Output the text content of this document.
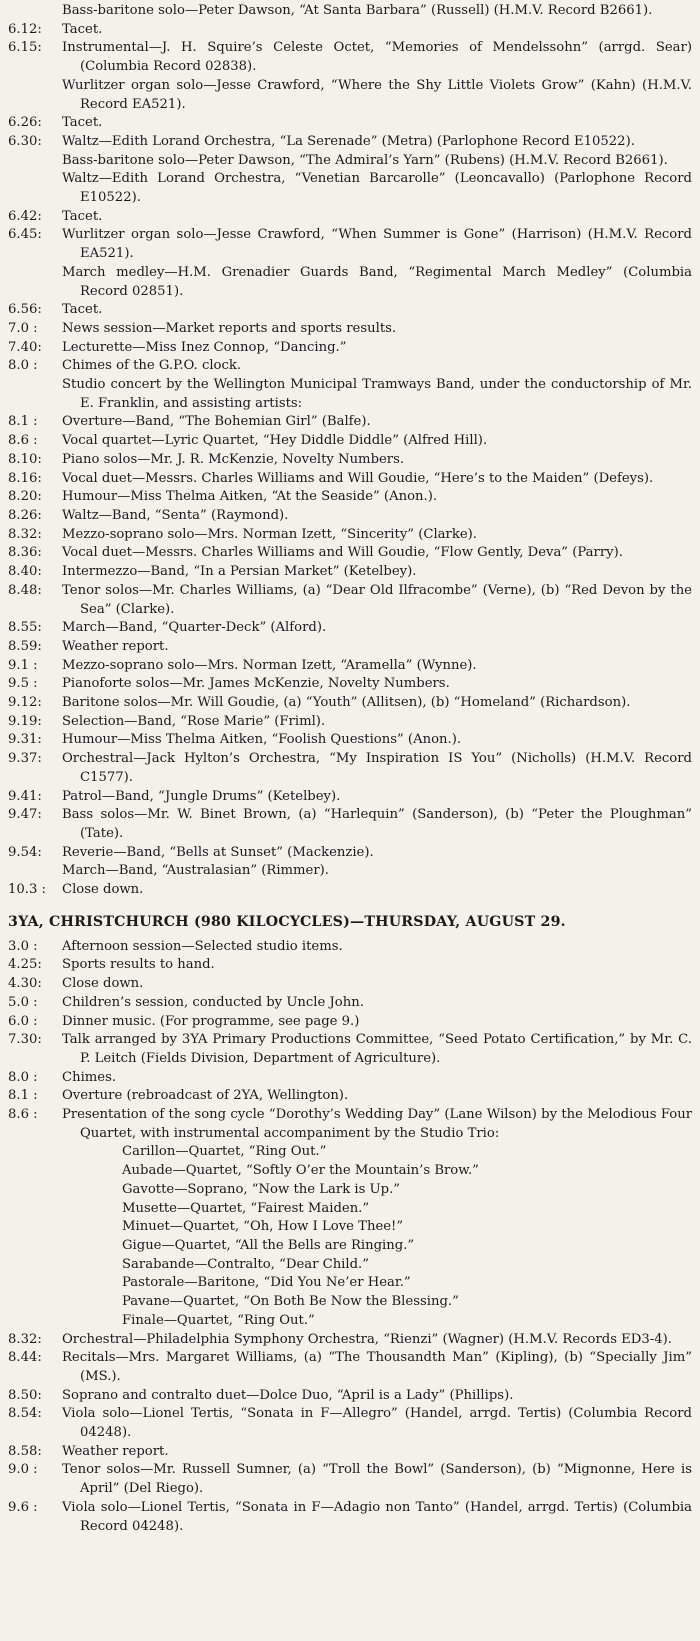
Bass-baritone solo—Peter Dawson, “At Santa Barbara” (Russell) (H.M.V. Record B2661).
6.12:	Tacet.
6.15:	Instrumental—J. H. Squire’s Celeste Octet, “Memories of Mendelssohn” (arrgd. Sear) (Columbia Record 02838).
Wurlitzer organ solo—Jesse Crawford, “Where the Shy Little Violets Grow” (Kahn) (H.M.V. Record EA521).
6.26:	Tacet.
6.30:	Waltz—Edith Lorand Orchestra, “La Serenade” (Metra) (Parlophone Record E10522).
Bass-baritone solo—Peter Dawson, “The Admiral’s Yarn” (Rubens) (H.M.V. Record B2661).
Waltz—Edith Lorand Orchestra, “Venetian Barcarolle” (Leoncavallo) (Parlophone Record E10522).
6.42:	Tacet.
6.45:	Wurlitzer organ solo—Jesse Crawford, “When Summer is Gone” (Harrison) (H.M.V. Record EA521).
March medley—H.M. Grenadier Guards Band, “Regimental March Medley” (Columbia Record 02851).
6.56:	Tacet.
7.0 :	News session—Market reports and sports results.
7.40:	Lecturette—Miss Inez Connop, “Dancing.”
8.0 :	Chimes of the G.P.O. clock.
Studio concert by the Wellington Municipal Tramways Band, under the conductorship of Mr. E. Franklin, and assisting artists:
8.1 :	Overture—Band, “The Bohemian Girl” (Balfe).
8.6 :	Vocal quartet—Lyric Quartet, “Hey Diddle Diddle” (Alfred Hill).
8.10:	Piano solos—Mr. J. R. McKenzie, Novelty Numbers.
8.16:	Vocal duet—Messrs. Charles Williams and Will Goudie, “Here’s to the Maiden” (Defeys).
8.20:	Humour—Miss Thelma Aitken, “At the Seaside” (Anon.).
8.26:	Waltz—Band, “Senta” (Raymond).
8.32:	Mezzo-soprano solo—Mrs. Norman Izett, “Sincerity” (Clarke).
8.36:	Vocal duet—Messrs. Charles Williams and Will Goudie, “Flow Gently, Deva” (Parry).
8.40:	Intermezzo—Band, “In a Persian Market” (Ketelbey).
8.48:	Tenor solos—Mr. Charles Williams, (a) “Dear Old Ilfracombe” (Verne), (b) “Red Devon by the Sea” (Clarke).
8.55:	March—Band, “Quarter-Deck” (Alford).
8.59:	Weather report.
9.1 :	Mezzo-soprano solo—Mrs. Norman Izett, “Aramella” (Wynne).
9.5 :	Pianoforte solos—Mr. James McKenzie, Novelty Numbers.
9.12:	Baritone solos—Mr. Will Goudie, (a) “Youth” (Allitsen), (b) “Homeland” (Richardson).
9.19:	Selection—Band, “Rose Marie” (Friml).
9.31:	Humour—Miss Thelma Aitken, “Foolish Questions” (Anon.).
9.37:	Orchestral—Jack Hylton’s Orchestra, “My Inspiration IS You” (Nicholls) (H.M.V. Record C1577).
9.41:	Patrol—Band, “Jungle Drums” (Ketelbey).
9.47:	Bass solos—Mr. W. Binet Brown, (a) “Harlequin” (Sanderson), (b) “Peter the Ploughman” (Tate).
9.54:	Reverie—Band, “Bells at Sunset” (Mackenzie).
March—Band, “Australasian” (Rimmer).
10.3 :	Close down.
3YA, CHRISTCHURCH (980 KILOCYCLES)—THURSDAY, AUGUST 29.
3.0 :	Afternoon session—Selected studio items.
4.25:	Sports results to hand.
4.30:	Close down.
5.0 :	Children’s session, conducted by Uncle John.
6.0 :	Dinner music. (For programme, see page 9.)
7.30:	Talk arranged by 3YA Primary Productions Committee, “Seed Potato Certification,” by Mr. C. P. Leitch (Fields Division, Department of Agriculture).
8.0 :	Chimes.
8.1 :	Overture (rebroadcast of 2YA, Wellington).
8.6 :	Presentation of the song cycle “Dorothy’s Wedding Day” (Lane Wilson) by the Melodious Four Quartet, with instrumental accompaniment by the Studio Trio:
Carillon—Quartet, “Ring Out.”
Aubade—Quartet, “Softly O’er the Mountain’s Brow.”
Gavotte—Soprano, “Now the Lark is Up.”
Musette—Quartet, “Fairest Maiden.”
Minuet—Quartet, “Oh, How I Love Thee!”
Gigue—Quartet, “All the Bells are Ringing.”
Sarabande—Contralto, “Dear Child.”
Pastorale—Baritone, “Did You Ne’er Hear.”
Pavane—Quartet, “On Both Be Now the Blessing.”
Finale—Quartet, “Ring Out.”
8.32:	Orchestral—Philadelphia Symphony Orchestra, “Rienzi” (Wagner) (H.M.V. Records ED3-4).
8.44:	Recitals—Mrs. Margaret Williams, (a) “The Thousandth Man” (Kipling), (b) “Specially Jim” (MS.).
8.50:	Soprano and contralto duet—Dolce Duo, “April is a Lady” (Phillips).
8.54:	Viola solo—Lionel Tertis, “Sonata in F—Allegro” (Handel, arrgd. Tertis) (Columbia Record 04248).
8.58:	Weather report.
9.0 :	Tenor solos—Mr. Russell Sumner, (a) “Troll the Bowl” (Sanderson), (b) “Mignonne, Here is April” (Del Riego).
9.6 :	Viola solo—Lionel Tertis, “Sonata in F—Adagio non Tanto” (Handel, arrgd. Tertis) (Columbia Record 04248).
